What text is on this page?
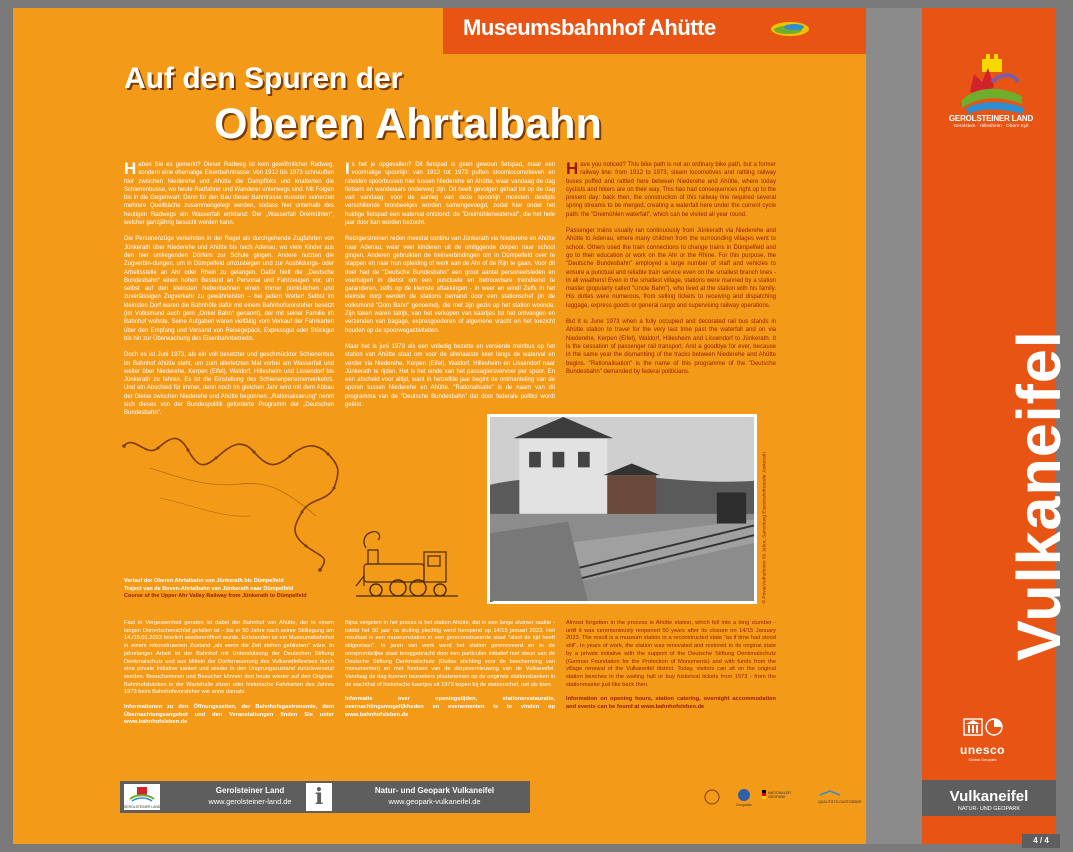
Museumsbahnhof Ahütte
Auf den Spuren der
Oberen Ahrtalbahn

Haben Sie es gemerkt? Dieser Radweg ist kein gewöhnlicher Radweg, sondern eine ehemalige Eisenbahntrasse: Von 1912 bis 1973 schnauften hier zwischen Niederehe und Ahütte die Dampfloks und knatterten die Schienenbusse, wo heute Radfahrer und Wanderer unterwegs sind. Mit Folgen bis in die Gegenwart: Denn für den Bau dieser Bahntrasse mussten seinerzeit mehrere Quellbäche zusammengelegt werden, sodass hier unterhalb des heutigen Radwegs ein Wasserfall entstand: Der „Wasserfall Dreimühlen“, welcher ganzjährig besucht werden kann.

Die Personenzüge verkehrten in der Regel als durchgehende Zugfahrten von Jünkerath über Niederehe und Ahütte bis nach Adenau, wo viele Kinder aus den hier umliegenden Dörfern zur Schule gingen. Andere nutzten die Zugverbin-dungen, um in Dümpelfeld umzusteigen und zur Ausbildungs- oder Arbeitsstelle an Ahr oder Rhein zu gelangen. Dafür hielt die „Deutsche Bundesbahn“ einen hohen Bestand an Personal und Fahrzeugen vor, um selbst auf den kleinsten Nebenbahnen einen immer pünkt-lichen und zuverlässigen Zugverkehr zu gewährleisten – bei jedem Wetter! Selbst im kleinsten Dorf waren die Bahnhöfe dafür mit einem Bahnhofsvorsteher besetzt (im Volksmund auch gern „Onkel Bahn“ genannt), der mit seiner Familie im Bahnhof wohnte. Seine Aufgaben waren vielfältig vom Verkauf der Fahrkarten über den Empfang und Versand von Reisegepäck, Expressgut oder Stückgut bis hin zur Überwachung des Eisenbahnbetriebs.

Doch es ist Juni 1973, als ein voll besetzter und geschmückter Schienenbus im Bahnhof Ahütte steht, um zum allerletzten Mal vorbei am Wasserfall und weiter über Niederehe, Kerpen (Eifel), Waldorf, Hillesheim und Lissendorf bis Jünkerath zu fahren. Es ist die Einstellung des Schienenpersonenverkehrs. Und ein Abschied für immer, denn noch im gleichen Jahr wird mit dem Abbau der Gleise zwischen Niederehe und Ahütte begonnen. „Rationalisierung“ nennt sich dieses von der Bundespolitik geforderte Programm der „Deutschen Bundesbahn“.

Is het je opgevallen? Dit fietspad is geen gewoon fietspad, maar een voormalige spoorlijn: van 1912 tot 1973 puften stoomlocomotieven en ratelden spoorbussen hier tussen Niederehe en Ahütte, waar vandaag de dag fietsers en wandelaars onderweg zijn. Dit heeft gevolgen gehad tot op de dag van vandaag: voor de aanleg van deze spoorlijn moesten destijds verschillende bronbeekjes worden samengevoegd, zodat hier onder het huidige fietspad een waterval ontstond: de "Dreimühlenwaterval", die het hele jaar door kan worden bezocht.

Reizigerstreinen reden meestal continu van Jünkerath via Niederehe en Ahütte naar Adenau, waar veel kinderen uit de omliggende dorpen naar school gingen. Anderen gebruikten de treinverbindingen om in Dümpelfeld over te stappen en naar hun opleiding of werk aan de Ahr of de Rijn te gaan. Voor dit doel had de "Deutsche Bundesbahn" een groot aantal personeelsleden en voertuigen in dienst om een punctuele en betrouwbare treindienst te garanderen, zelfs op de kleinste aftakkingen - in weer en wind! Zelfs in het kleinste dorp werden de stations bemand door een stationschef (in de volksmond "Oom Bahn" genoemd), die met zijn gezin op het station woonde. Zijn taken waren talrijk, van het verkopen van kaartjes tot het ontvangen en verzenden van bagage, expresgoederen of algemene vracht en het toezicht houden op de spoorwegactiviteiten.

Maar het is juni 1973 als een volledig bezette en versierde treinbus op het station van Ahütte staat om voor de allerlaatste keer langs de waterval en verder via Niederehe, Kerpen (Eifel), Waldorf, Hillesheim en Lissendorf naar Jünkerath te rijden. Het is het einde van het passagiersvervoer per spoor. En een afscheid voor altijd, want in hetzelfde jaar begint de ontmanteling van de sporen tussen Niederehe en Ahütte. "Rationalisatie" is de naam van dit programma van de "Deutsche Bundesbahn" dat door federale politici wordt geëist.

Have you noticed? This bike path is not an ordinary bike path, but a former railway line: from 1912 to 1973, steam locomotives and rattling railway buses puffed and rattled here between Niederehe and Ahütte, where today cyclists and hikers are on their way. This has had consequences right up to the present day: back then, the construction of this railway line required several spring streams to be merged, creating a waterfall here under the current cycle path: the "Dreimühlen waterfall", which can be visited all year round.

Passenger trains usually ran continuously from Jünkerath via Niederehe and Ahütte to Adenau, where many children from the surrounding villages went to school. Others used the train connections to change trains in Dümpelfeld and go to their education or work on the Ahr or the Rhine. For this purpose, the "Deutsche Bundesbahn" employed a large number of staff and vehicles to ensure a punctual and reliable train service even on the smallest branch lines - in all weathers! Even in the smallest village, stations were manned by a station master (popularly called "Uncle Bahn"), who lived at the station with his family. His duties were numerous, from selling tickets to receiving and dispatching luggage, express goods or general cargo and supervising railway operations.

But it is June 1973 when a fully occupied and decorated rail bus stands in Ahütte station to travel for the very last time past the waterfall and on via Niederehe, Kerpen (Eifel), Waldorf, Hillesheim and Lissendorf to Jünkerath. It is the cessation of passenger rail transport. And a goodbye for ever, because in the same year the dismantling of the tracks between Niederehe and Ahütte begins. "Rationalisation" is the name of this programme of the "Deutsche Bundesbahn" demanded by federal politicians.

Verlauf der Oberen Ahrtalbahn von Jünkerath bis Dümpelfeld
Traject van de Boven-Ahrtalbahn van Jünkerath naar Dümpelfeld
Course of the Upper Ahr Valley Railway from Jünkerath to Dümpelfeld	© Privat/Aufnahmen 50 Jahre, Sammlung Eisenbahnfreunde Jünkerath

Fast in Vergessenheit geraten ist dabei der Bahnhof von Ahütte, der in einem langen Dornröschenschlaf gefallen ist – bis er 50 Jahre nach seiner Stilllegung am 14./15.01.2023 feierlich wiedereröffnet wurde. Entstanden ist ein Museumsbahnhof in einem rekonstruierten Zustand „als wenn die Zeit stehen geblieben“ wäre. In jahrelanger Arbeit ist der Bahnhof mit Unterstützung der Deutschen Stiftung Denkmalschutz und aus Mitteln der Dorferneuerung des Vulkaneifelkreises durch eine private Initiative saniert und wieder in den Ursprungszustand zurückversetzt worden. Besucherinnen und Besucher können dort heute wieder auf den Original- Bahnhofsbänken in der Wartehalle sitzen oder historische Fahrkarten des Jahres 1973 beim Bahnhofsvorsteher wie anno damals.

Informationen zu den Öffnungszeiten, der Bahnhofsgastronomie, dem Übernachtungsangebot und den Veranstaltungen finden Sie unter www.bahnhofsleben.de

Bijna vergeten in het proces is het station Ahütte, dat in een lange sluimer raakte - totdat het 50 jaar na sluiting plechtig werd heropend op 14/15 januari 2023. Het resultaat is een museumstation in een gereconstrueerde staat "alsof de tijd heeft stilgestaan". In jaren van werk werd het station gerenoveerd en in de oorspronkelijke staat teruggebracht door een particulier initiatief met steun van de Deutsche Stiftung Denkmalschutz (Duitse stichting voor de bescherming van monumenten) en met fondsen van de dorpsvernieuwing van de Vulkaneifel. Vandaag de dag kunnen bezoekers plaatsnemen op de originele stationsbanken in de wachthal of historische kaartjes uit 1973 kopen bij de stationschef, net als toen.

Informatie over openingstijden, stationsrestauratie, overnachtingsmogelijkheden en evenementen is te vinden op www.bahnhofsleben.de

Almost forgotten in the process is Ahütte station, which fell into a long slumber - until it was ceremoniously reopened 50 years after its closure on 14/15 January 2023. The result is a museum station in a reconstructed state "as if time had stood still". In years of work, the station was renovated and restored to its original state by a private initiative with the support of the Deutsche Stiftung Denkmalschutz (German Foundation for the Protection of Monuments) and with funds from the village renewal of the Vulkaneifel district. Today, visitors can sit on the original station benches in the waiting hall or buy historical tickets from 1973 - from the stationmaster just like back then.

Information on opening hours, station catering, overnight accommodation and events can be found at www.bahnhofsleben.de

GEROLSTEINER LAND
Gerolsteiner Land
www.gerolsteiner-land.de	i	Natur- und Geopark Vulkaneifel
www.geopark-vulkaneifel.de	Geoparks
NATIONALER GEOPARK
QUALITÄTS-GASTGEBER
GEROLSTEINER LAND
Gerolstein · Hillesheim · Obere Kyll
Vulkaneifel
unesco
Global Geopark
Vulkaneifel
NATUR- UND GEOPARK
4 / 4
